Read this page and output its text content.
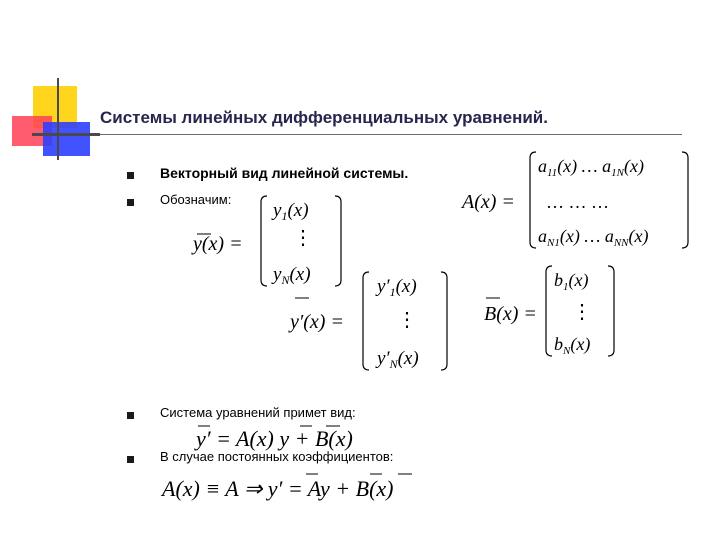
Системы линейных дифференциальных уравнений.
Векторный вид линейной системы.
Обозначим:
Система уравнений примет вид:
В случае постоянных коэффициентов:
y(x) =
$y_1(x)$
⋮
$y_N(x)$
y′(x) =
$y'_1(x)$
⋮
$y'_N(x)$
A(x) =
$a_{11}(x)$ … $a_{1N}(x)$
… … …
$a_{N1}(x)$ … $a_{NN}(x)$
B(x) =
$b_1(x)$
⋮
$b_N(x)$
y′ = A(x) y + B(x)
A(x) ≡ A ⇒ y′ = Ay + B(x)
